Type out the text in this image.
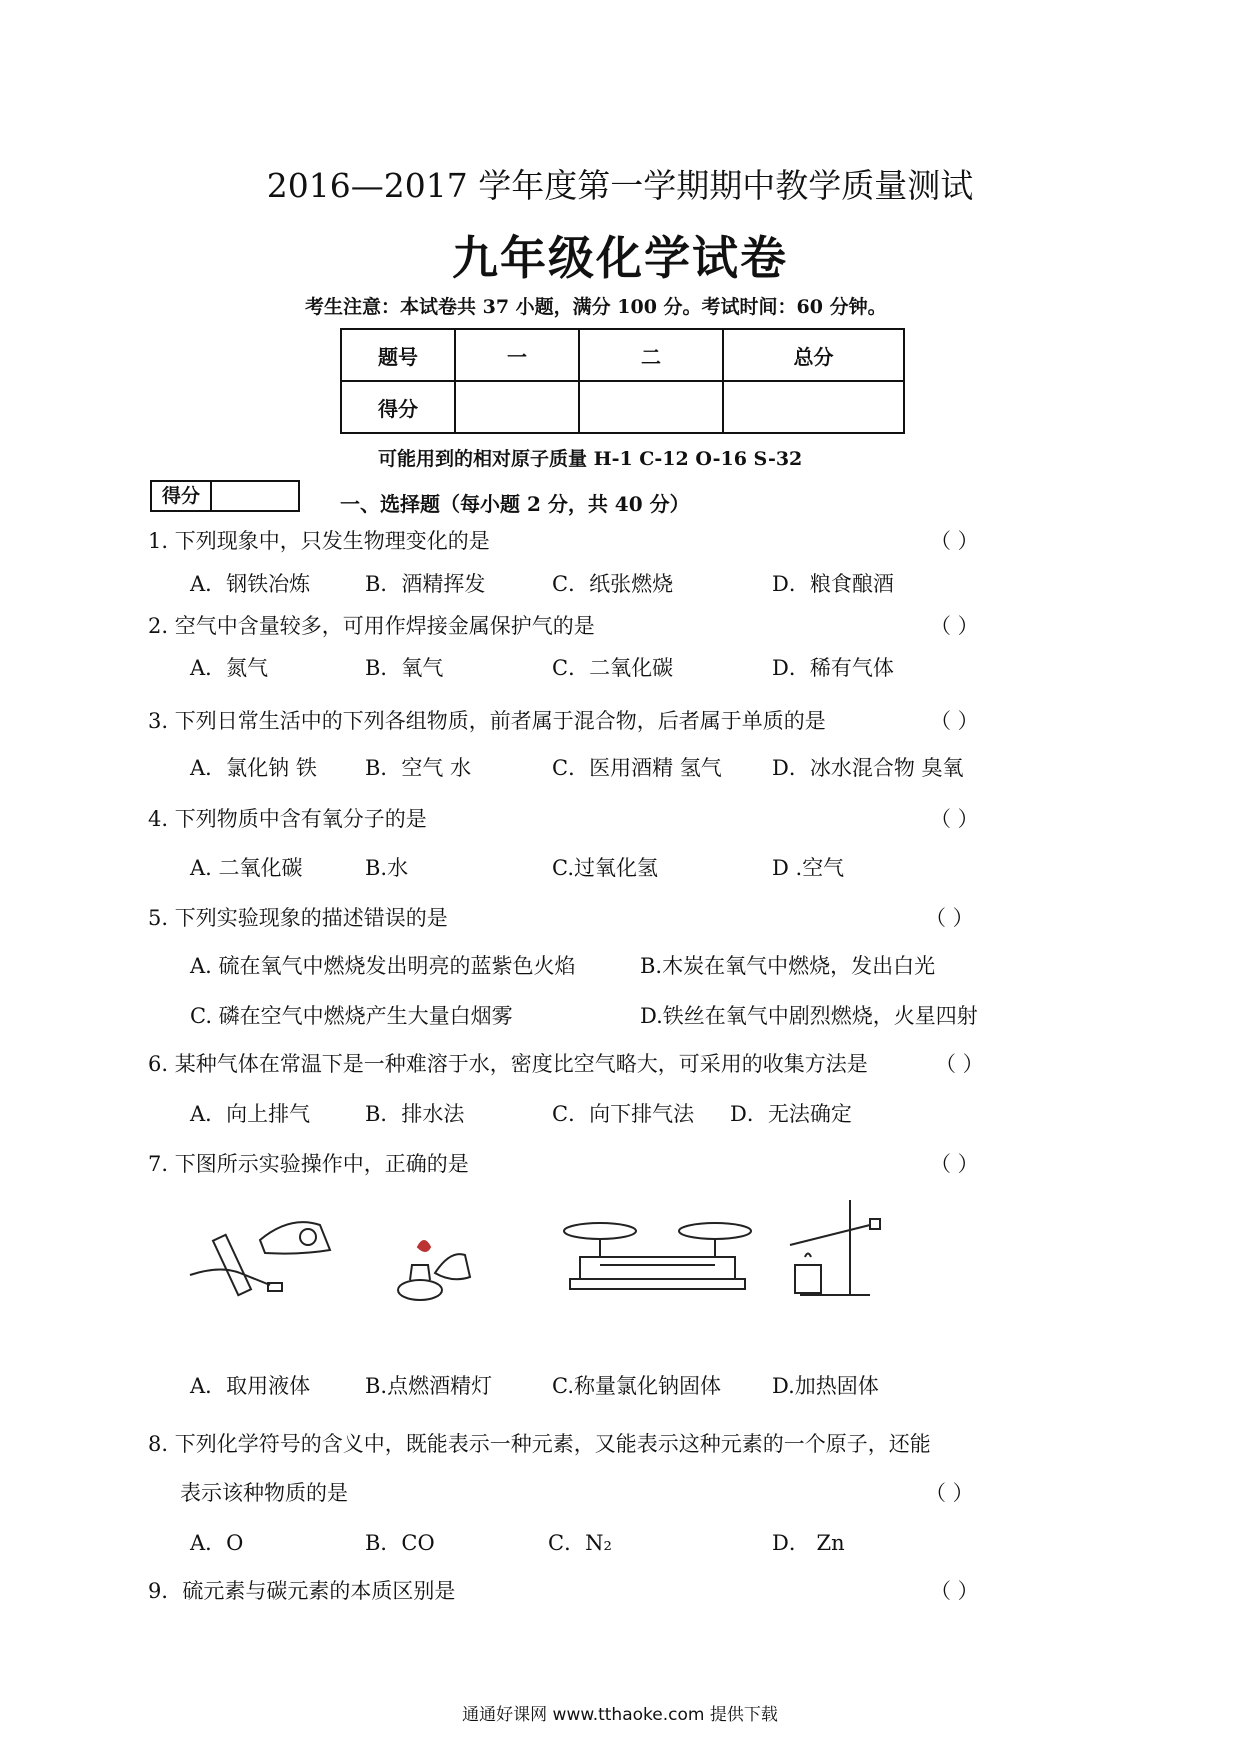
2016—2017 学年度第一学期期中教学质量测试
九年级化学试卷
考生注意：本试卷共 37 小题，满分 100 分。考试时间：60 分钟。
题号	一	二	总分
得分			
可能用到的相对原子质量 H-1 C-12 O-16 S-32
得分	一、选择题（每小题 2 分，共 40 分）
1. 下列现象中，只发生物理变化的是	（ ）
A．钢铁冶炼	B．酒精挥发	C．纸张燃烧	D．粮食酿酒
2. 空气中含量较多，可用作焊接金属保护气的是	（ ）
A．氮气	B．氧气	C．二氧化碳	D．稀有气体
3. 下列日常生活中的下列各组物质，前者属于混合物，后者属于单质的是	（ ）
A．氯化钠 铁 B．空气 水	C．医用酒精 氢气 D．冰水混合物 臭氧
4. 下列物质中含有氧分子的是	（ ）
A. 二氧化碳	B.水	C.过氧化氢	D .空气
5. 下列实验现象的描述错误的是	（ ）
A. 硫在氧气中燃烧发出明亮的蓝紫色火焰	B.木炭在氧气中燃烧，发出白光
C. 磷在空气中燃烧产生大量白烟雾	D.铁丝在氧气中剧烈燃烧，火星四射
6. 某种气体在常温下是一种难溶于水，密度比空气略大，可采用的收集方法是	（ ）
A．向上排气	B．排水法	C．向下排气法 D．无法确定
7. 下图所示实验操作中，正确的是	（ ）
A．取用液体	B.点燃酒精灯	C.称量氯化钠固体 D.加热固体
8. 下列化学符号的含义中，既能表示一种元素，又能表示这种元素的一个原子，还能
表示该种物质的是	（ ）
A．O	B．CO	C．N₂	D． Zn
9．硫元素与碳元素的本质区别是	（ ）
通通好课网 www.tthaoke.com 提供下载
